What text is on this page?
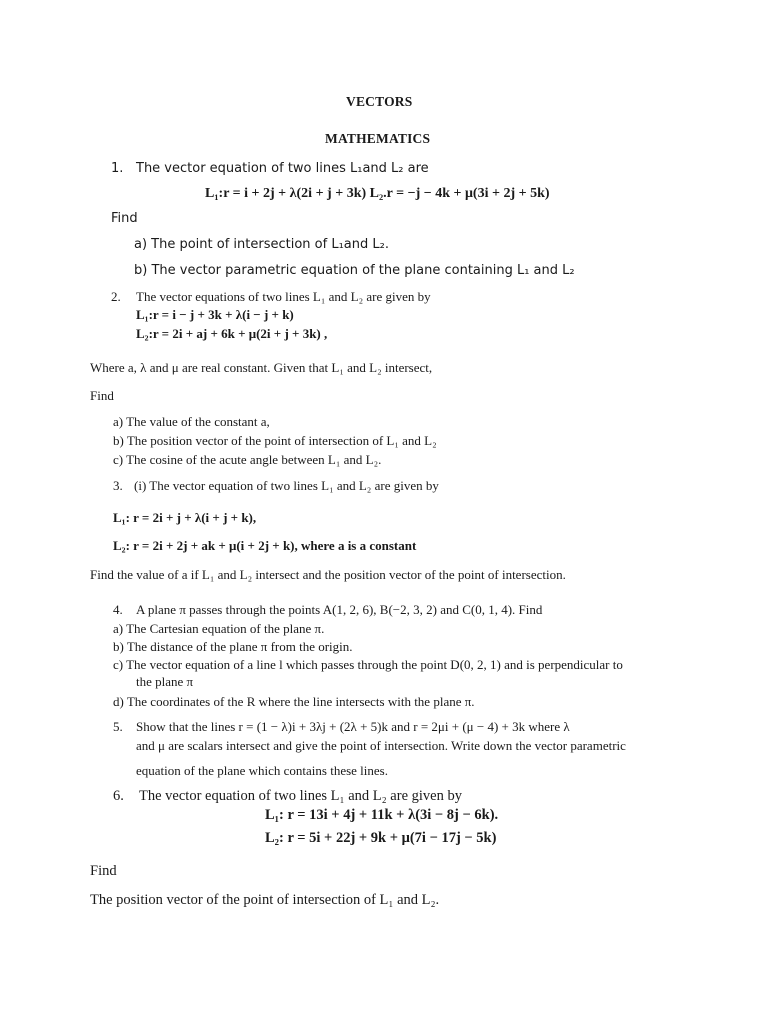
VECTORS
MATHEMATICS
1. The vector equation of two lines L₁and L₂ are
L₁:r = i + 2j + λ(2i + j + 3k) L₂.r = −j − 4k + μ(3i + 2j + 5k)
Find
a) The point of intersection of L₁and L₂.
b) The vector parametric equation of the plane containing L₁ and L₂
2. The vector equations of two lines L₁ and L₂ are given by
L₁:r = i − j + 3k + λ(i − j + k)
L₂:r = 2i + aj + 6k + μ(2i + j + 3k) ,
Where a, λ and μ are real constant. Given that L₁ and L₂ intersect,
Find
a) The value of the constant a,
b) The position vector of the point of intersection of L₁ and L₂
c) The cosine of the acute angle between L₁ and L₂.
3. (i) The vector equation of two lines L₁ and L₂ are given by
L₁: r = 2i + j + λ(i + j + k),
L₂: r = 2i + 2j + ak + μ(i + 2j + k), where a is a constant
Find the value of a if L₁ and L₂ intersect and the position vector of the point of intersection.
4. A plane π passes through the points A(1, 2, 6), B(−2, 3, 2) and C(0, 1, 4). Find
a) The Cartesian equation of the plane π.
b) The distance of the plane π from the origin.
c) The vector equation of a line l which passes through the point D(0, 2, 1) and is perpendicular to
the plane π
d) The coordinates of the R where the line intersects with the plane π.
5. Show that the lines r = (1 − λ)i + 3λj + (2λ + 5)k and r = 2μi + (μ − 4) + 3k where λ
and μ are scalars intersect and give the point of intersection. Write down the vector parametric
equation of the plane which contains these lines.
6. The vector equation of two lines L₁ and L₂ are given by
L₁: r = 13i + 4j + 11k + λ(3i − 8j − 6k).
L₂: r = 5i + 22j + 9k + μ(7i − 17j − 5k)
Find
The position vector of the point of intersection of L₁ and L₂.
